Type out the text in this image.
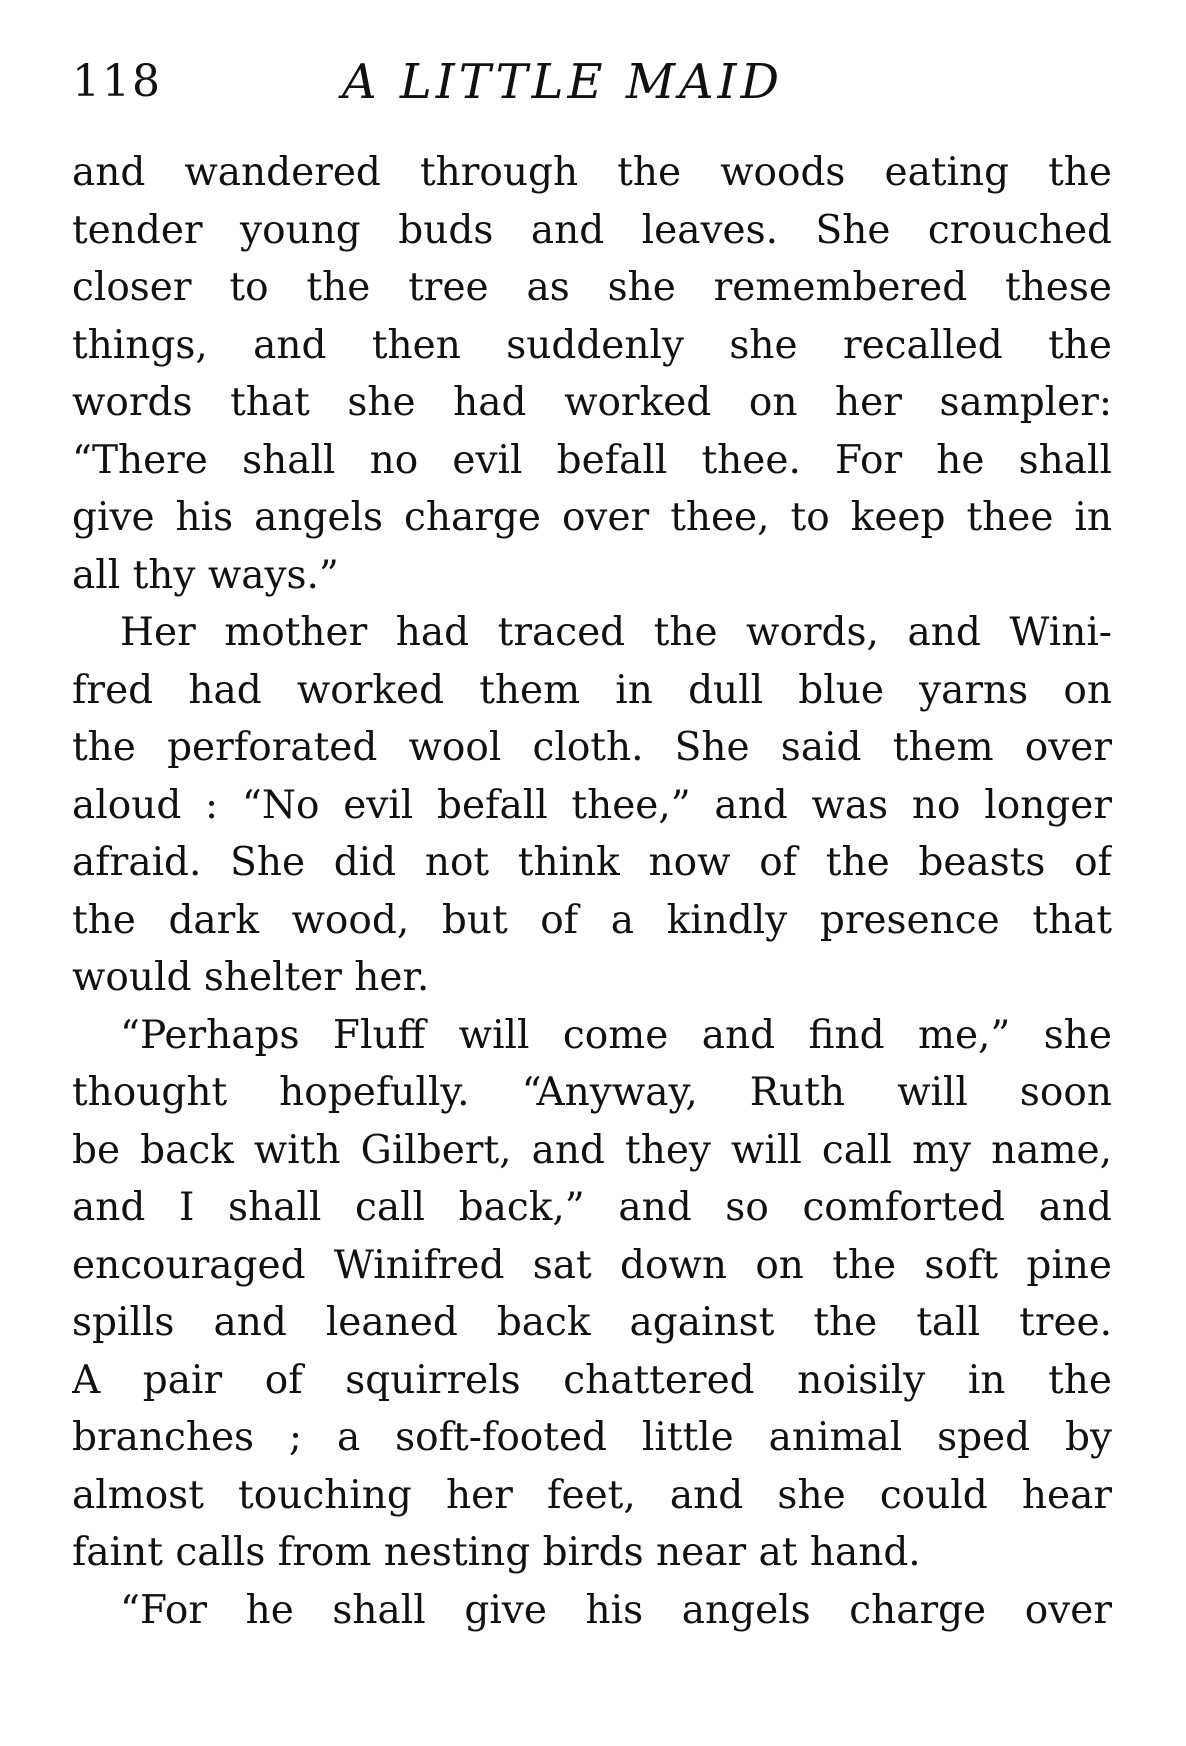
118	A LITTLE MAID
and wandered through the woods eating the
tender young buds and leaves. She crouched
closer to the tree as she remembered these
things, and then suddenly she recalled the
words that she had worked on her sampler:
“There shall no evil befall thee. For he shall
give his angels charge over thee, to keep thee in
all thy ways.”
Her mother had traced the words, and Wini-
fred had worked them in dull blue yarns on
the perforated wool cloth. She said them over
aloud : “No evil befall thee,” and was no longer
afraid. She did not think now of the beasts of
the dark wood, but of a kindly presence that
would shelter her.
“Perhaps Fluff will come and find me,” she
thought hopefully. “Anyway, Ruth will soon
be back with Gilbert, and they will call my name,
and I shall call back,” and so comforted and
encouraged Winifred sat down on the soft pine
spills and leaned back against the tall tree.
A pair of squirrels chattered noisily in the
branches ; a soft-footed little animal sped by
almost touching her feet, and she could hear
faint calls from nesting birds near at hand.
“For he shall give his angels charge over
